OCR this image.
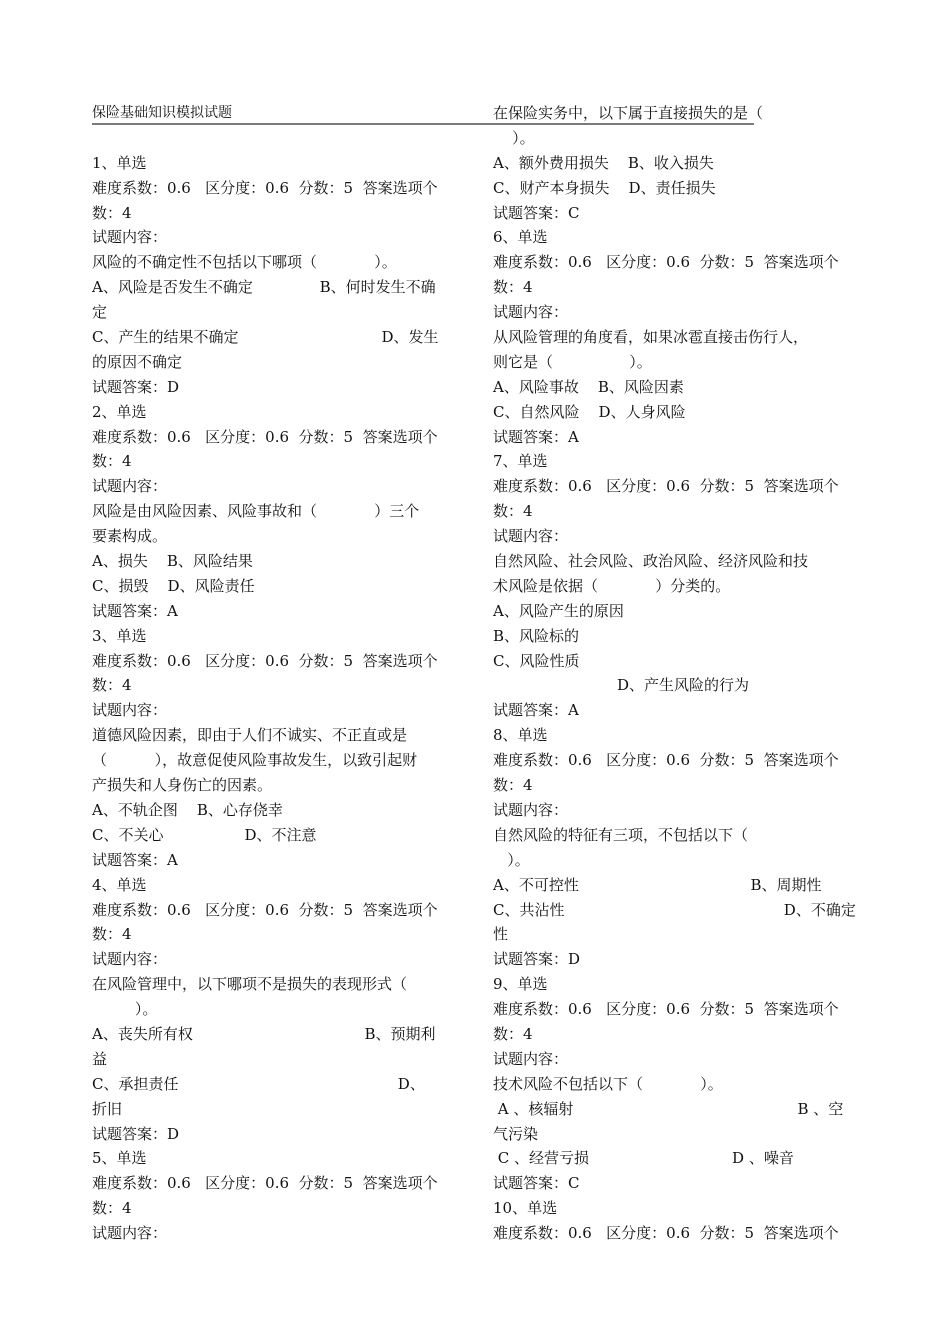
保险基础知识模拟试题
1、单选
难度系数：0.6   区分度：0.6  分数：5  答案选项个
数：4
试题内容：
风险的不确定性不包括以下哪项（            ）。
A、风险是否发生不确定              B、何时发生不确
定
C、产生的结果不确定                              D、发生
的原因不确定
试题答案：D
2、单选
难度系数：0.6   区分度：0.6  分数：5  答案选项个
数：4
试题内容：
风险是由风险因素、风险事故和（            ）三个
要素构成。
A、损失    B、风险结果
C、损毁    D、风险责任
试题答案：A
3、单选
难度系数：0.6   区分度：0.6  分数：5  答案选项个
数：4
试题内容：
道德风险因素，即由于人们不诚实、不正直或是
（          ），故意促使风险事故发生，以致引起财
产损失和人身伤亡的因素。
A、不轨企图    B、心存侥幸
C、不关心                 D、不注意
试题答案：A
4、单选
难度系数：0.6   区分度：0.6  分数：5  答案选项个
数：4
试题内容：
在风险管理中，以下哪项不是损失的表现形式（
）。
A、丧失所有权                                    B、预期利
益
C、承担责任                                              D、
折旧
试题答案：D
5、单选
难度系数：0.6   区分度：0.6  分数：5  答案选项个
数：4
试题内容：
在保险实务中，以下属于直接损失的是（
）。
A、额外费用损失    B、收入损失
C、财产本身损失    D、责任损失
试题答案：C
6、单选
难度系数：0.6   区分度：0.6  分数：5  答案选项个
数：4
试题内容：
从风险管理的角度看，如果冰雹直接击伤行人，
则它是（                ）。
A、风险事故    B、风险因素
C、自然风险    D、人身风险
试题答案：A
7、单选
难度系数：0.6   区分度：0.6  分数：5  答案选项个
数：4
试题内容：
自然风险、社会风险、政治风险、经济风险和技
术风险是依据（            ）分类的。
A、风险产生的原因
B、风险标的
C、风险性质
D、产生风险的行为
试题答案：A
8、单选
难度系数：0.6   区分度：0.6  分数：5  答案选项个
数：4
试题内容：
自然风险的特征有三项，不包括以下（
）。
A、不可控性                                    B、周期性
C、共沾性                                              D、不确定
性
试题答案：D
9、单选
难度系数：0.6   区分度：0.6  分数：5  答案选项个
数：4
试题内容：
技术风险不包括以下（            ）。
A 、核辐射                                               B 、空
气污染
C 、经营亏损                              D 、噪音
试题答案：C
10、单选
难度系数：0.6   区分度：0.6  分数：5  答案选项个
